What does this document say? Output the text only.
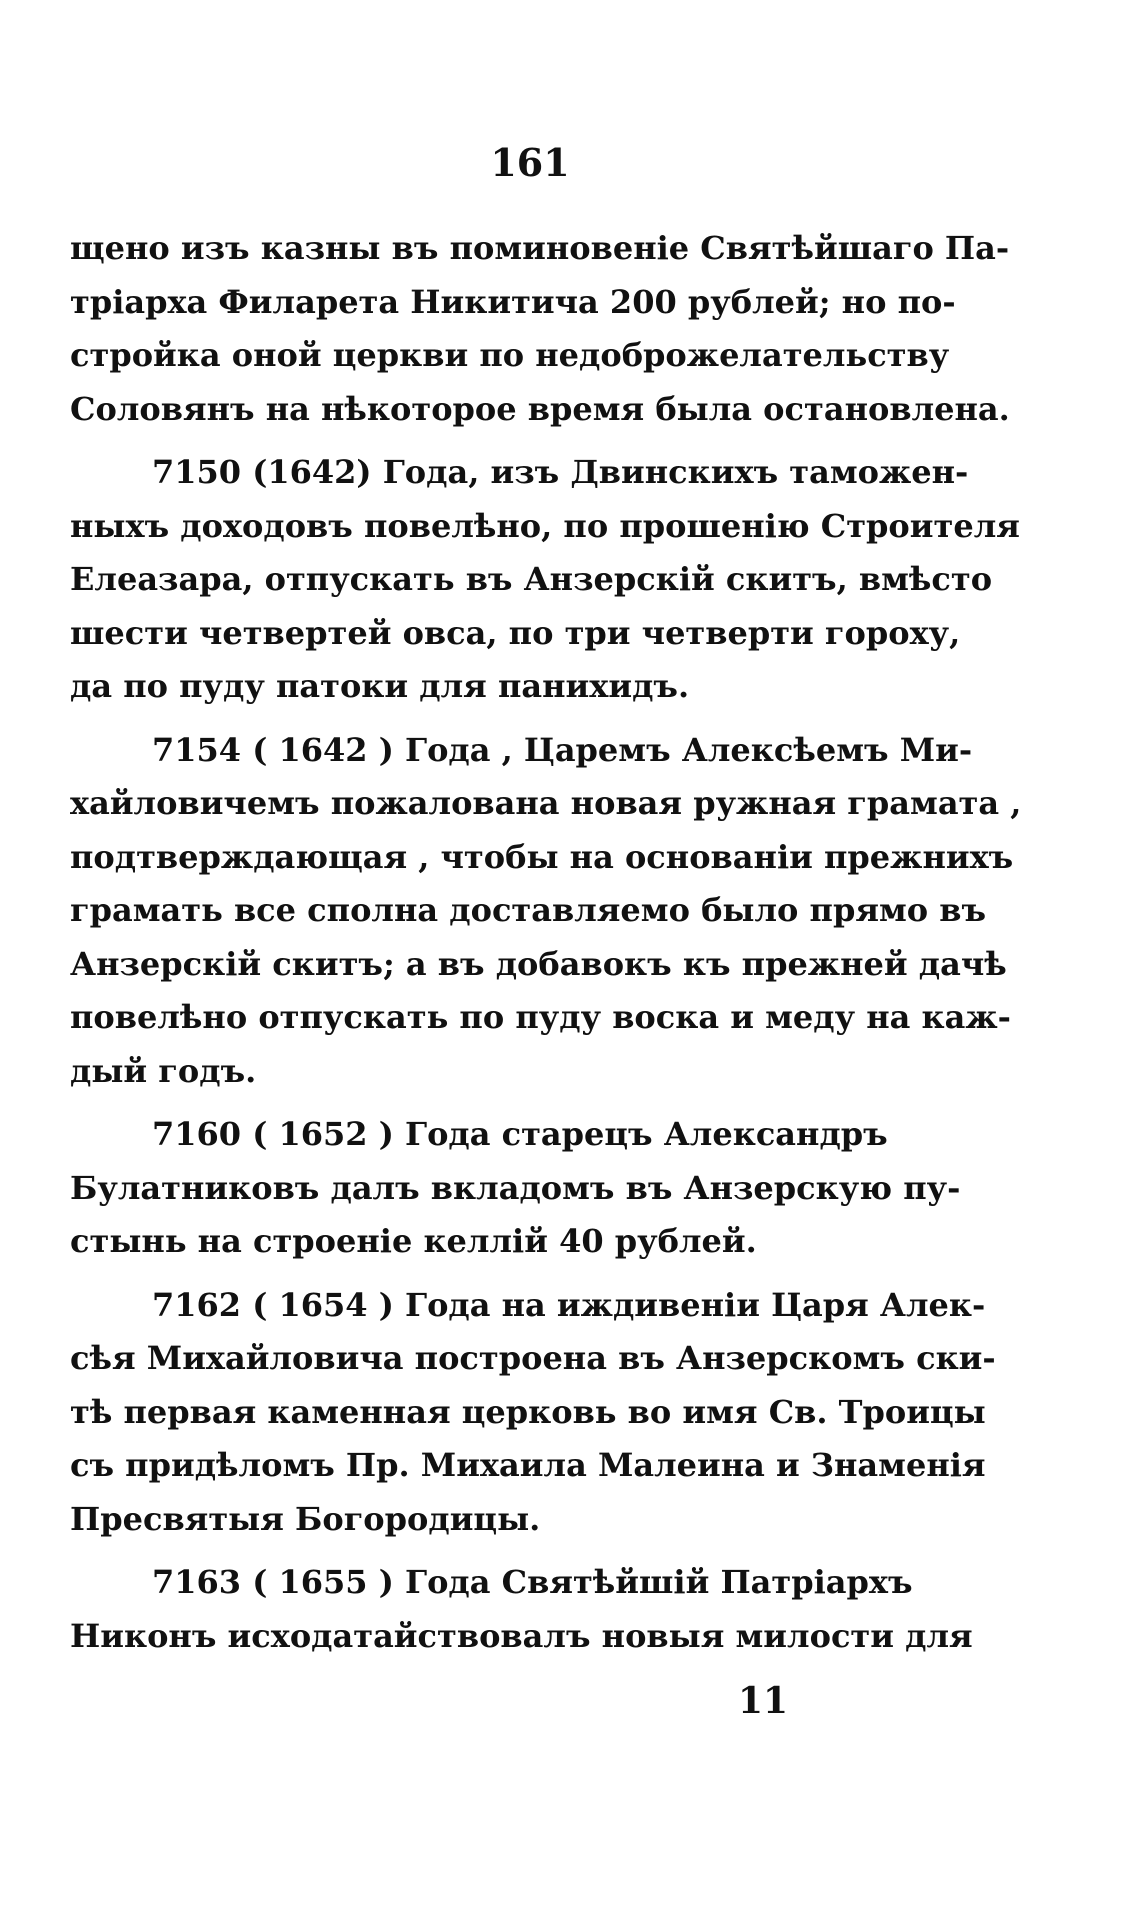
161
щено изъ казны въ поминовенiе Святѣйшаго Па-
трiарха Филарета Никитича 200 рублей; но по-
стройка оной церкви по недоброжелательству
Соловянъ на нѣкоторое время была остановлена.
7150 (1642) Года, изъ Двинскихъ таможен-
ныхъ доходовъ повелѣно, по прошенiю Строителя
Елеазара, отпускать въ Анзерскiй скитъ, вмѣсто
шести четвертей овса, по три четверти гороху,
да по пуду патоки для панихидъ.
7154 ( 1642 ) Года , Царемъ Алексѣемъ Ми-
хайловичемъ пожалована новая ружная грамата ,
подтверждающая , чтобы на основанiи прежнихъ
грамать все сполна доставляемо было прямо въ
Анзерскiй скитъ; а въ добавокъ къ прежней дачѣ
повелѣно отпускать по пуду воска и меду на каж-
дый годъ.
7160 ( 1652 ) Года старецъ Александръ
Булатниковъ далъ вкладомъ въ Анзерскую пу-
стынь на строенiе келлiй 40 рублей.
7162 ( 1654 ) Года на иждивенiи Царя Алек-
сѣя Михайловича построена въ Анзерскомъ ски-
тѣ первая каменная церковь во имя Св. Троицы
съ придѣломъ Пр. Михаила Малеина и Знаменiя
Пресвятыя Богородицы.
7163 ( 1655 ) Года Святѣйшiй Патрiархъ
Никонъ исходатайствовалъ новыя милости для
11
